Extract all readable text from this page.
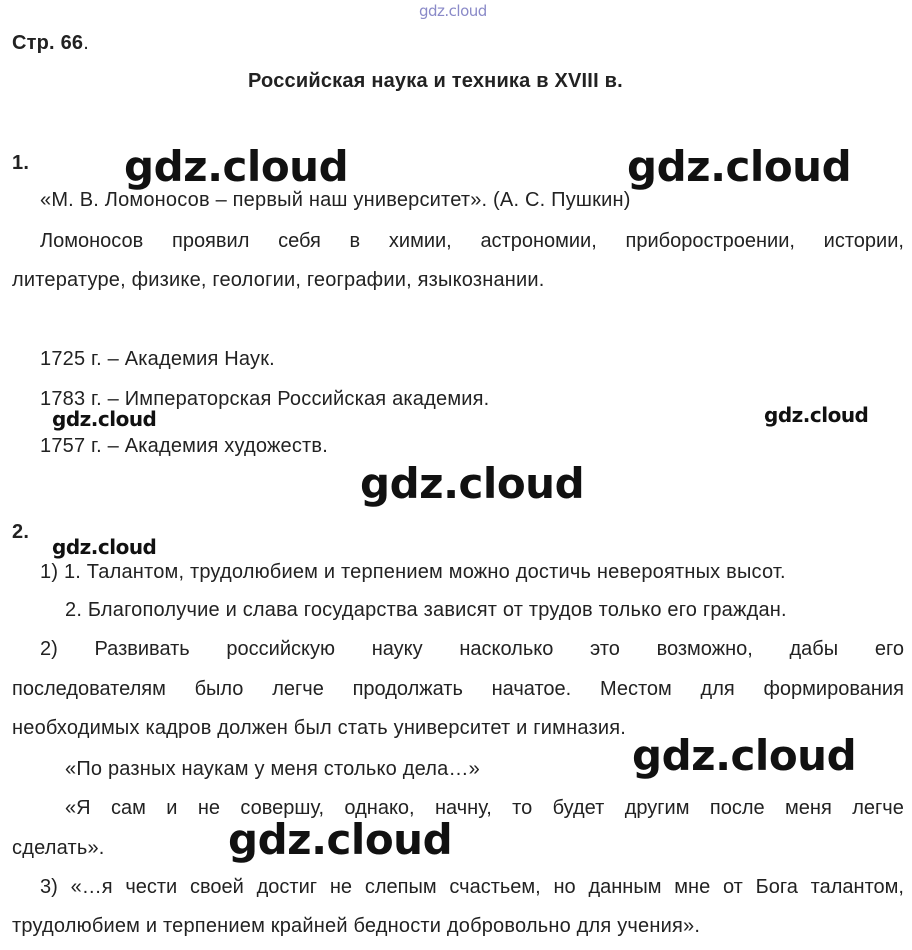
gdz.cloud
Стр. 66.
Российская наука и техника в XVIII в.
1. gdz.cloud	gdz.cloud
«М. В. Ломоносов – первый наш университет». (А. С. Пушкин)
Ломоносов проявил себя в химии, астрономии, приборостроении, истории,
литературе, физике, геологии, географии, языкознании.
1725 г. – Академия Наук.
1783 г. – Императорская Российская академия.
gdz.cloud	gdz.cloud
1757 г. – Академия художеств.
gdz.cloud
2.
gdz.cloud
1) 1. Талантом, трудолюбием и терпением можно достичь невероятных высот.
2. Благополучие и слава государства зависят от трудов только его граждан.
2) Развивать российскую науку насколько это возможно, дабы его
последователям было легче продолжать начатое. Местом для формирования
необходимых кадров должен был стать университет и гимназия.
«По разных наукам у меня столько дела…»	gdz.cloud
«Я сам и не совершу, однако, начну, то будет другим после меня легче
сделать».	gdz.cloud
3) «…я чести своей достиг не слепым счастьем, но данным мне от Бога талантом,
трудолюбием и терпением крайней бедности добровольно для учения».
